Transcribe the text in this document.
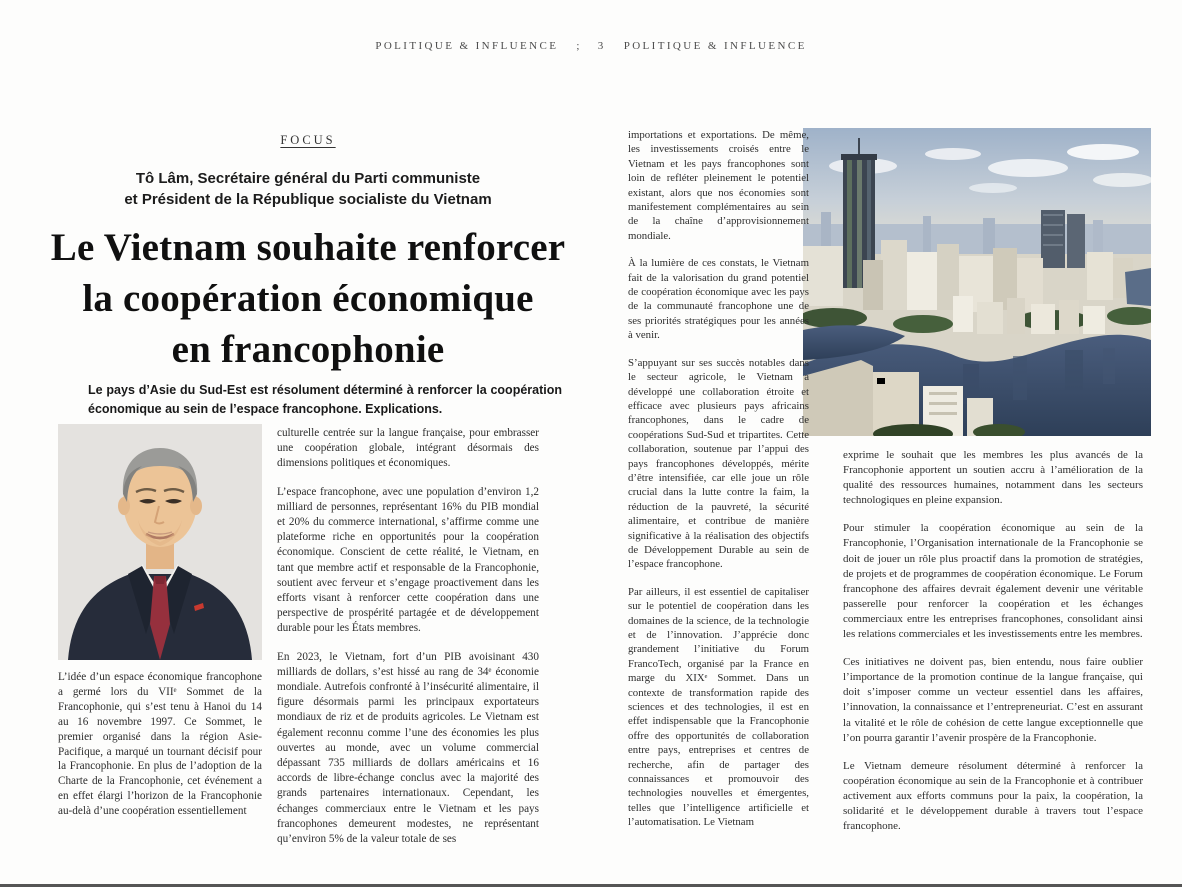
POLITIQUE & INFLUENCE ; 3 POLITIQUE & INFLUENCE
FOCUS
Tô Lâm, Secrétaire général du Parti communiste
et Président de la République socialiste du Vietnam
Le Vietnam souhaite renforcer
la coopération économique
en francophonie

Le pays d’Asie du Sud-Est est résolument déterminé à renforcer la coopération économique au sein de l’espace francophone. Explications.

L’idée d’un espace économique francophone a germé lors du VIIᵉ Sommet de la Francophonie, qui s’est tenu à Hanoi du 14 au 16 novembre 1997. Ce Sommet, le premier organisé dans la région Asie-Pacifique, a marqué un tournant décisif pour la Francophonie. En plus de l’adoption de la Charte de la Francophonie, cet événement a en effet élargi l’horizon de la Francophonie au-delà d’une coopération essentiellement

culturelle centrée sur la langue française, pour embrasser une coopération globale, intégrant désormais des dimensions politiques et économiques.

L’espace francophone, avec une population d’environ 1,2 milliard de personnes, représentant 16% du PIB mondial et 20% du commerce international, s’affirme comme une plateforme riche en opportunités pour la coopération économique. Conscient de cette réalité, le Vietnam, en tant que membre actif et responsable de la Francophonie, soutient avec ferveur et s’engage proactivement dans les efforts visant à renforcer cette coopération dans une perspective de prospérité partagée et de développement durable pour les États membres.

En 2023, le Vietnam, fort d’un PIB avoisinant 430 milliards de dollars, s’est hissé au rang de 34ᵉ économie mondiale. Autrefois confronté à l’insécurité alimentaire, il figure désormais parmi les principaux exportateurs mondiaux de riz et de produits agricoles. Le Vietnam est également reconnu comme l’une des économies les plus ouvertes au monde, avec un volume commercial dépassant 735 milliards de dollars américains et 16 accords de libre-échange conclus avec la majorité des grands partenaires internationaux. Cependant, les échanges commerciaux entre le Vietnam et les pays francophones demeurent modestes, ne représentant qu’environ 5% de la valeur totale de ses

importations et exportations. De même, les investissements croisés entre le Vietnam et les pays francophones sont loin de refléter pleinement le potentiel existant, alors que nos économies sont manifestement complémentaires au sein de la chaîne d’approvisionnement mondiale.

À la lumière de ces constats, le Vietnam fait de la valorisation du grand potentiel de coopération économique avec les pays de la communauté francophone une de ses priorités stratégiques pour les années à venir.

S’appuyant sur ses succès notables dans le secteur agricole, le Vietnam a développé une collaboration étroite et efficace avec plusieurs pays africains francophones, dans le cadre de coopérations Sud-Sud et tripartites. Cette collaboration, soutenue par l’appui des pays francophones développés, mérite d’être intensifiée, car elle joue un rôle crucial dans la lutte contre la faim, la réduction de la pauvreté, la sécurité alimentaire, et contribue de manière significative à la réalisation des objectifs de Développement Durable au sein de l’espace francophone.

Par ailleurs, il est essentiel de capitaliser sur le potentiel de coopération dans les domaines de la science, de la technologie et de l’innovation. J’apprécie donc grandement l’initiative du Forum FrancoTech, organisé par la France en marge du XIXᵉ Sommet. Dans un contexte de transformation rapide des sciences et des technologies, il est en effet indispensable que la Francophonie offre des opportunités de collaboration entre pays, entreprises et centres de recherche, afin de partager des connaissances et promouvoir des technologies nouvelles et émergentes, telles que l’intelligence artificielle et l’automatisation. Le Vietnam

exprime le souhait que les membres les plus avancés de la Francophonie apportent un soutien accru à l’amélioration de la qualité des ressources humaines, notamment dans les secteurs technologiques en pleine expansion.

Pour stimuler la coopération économique au sein de la Francophonie, l’Organisation internationale de la Francophonie se doit de jouer un rôle plus proactif dans la promotion de stratégies, de projets et de programmes de coopération économique. Le Forum francophone des affaires devrait également devenir une véritable passerelle pour renforcer la coopération et les échanges commerciaux entre les entreprises francophones, consolidant ainsi les relations commerciales et les investissements entre les membres.

Ces initiatives ne doivent pas, bien entendu, nous faire oublier l’importance de la promotion continue de la langue française, qui doit s’imposer comme un vecteur essentiel dans les affaires, l’innovation, la connaissance et l’entrepreneuriat. C’est en assurant la vitalité et le rôle de cohésion de cette langue exceptionnelle que l’on pourra garantir l’avenir prospère de la Francophonie.

Le Vietnam demeure résolument déterminé à renforcer la coopération économique au sein de la Francophonie et à contribuer activement aux efforts communs pour la paix, la coopération, la solidarité et le développement durable à travers tout l’espace francophone.
